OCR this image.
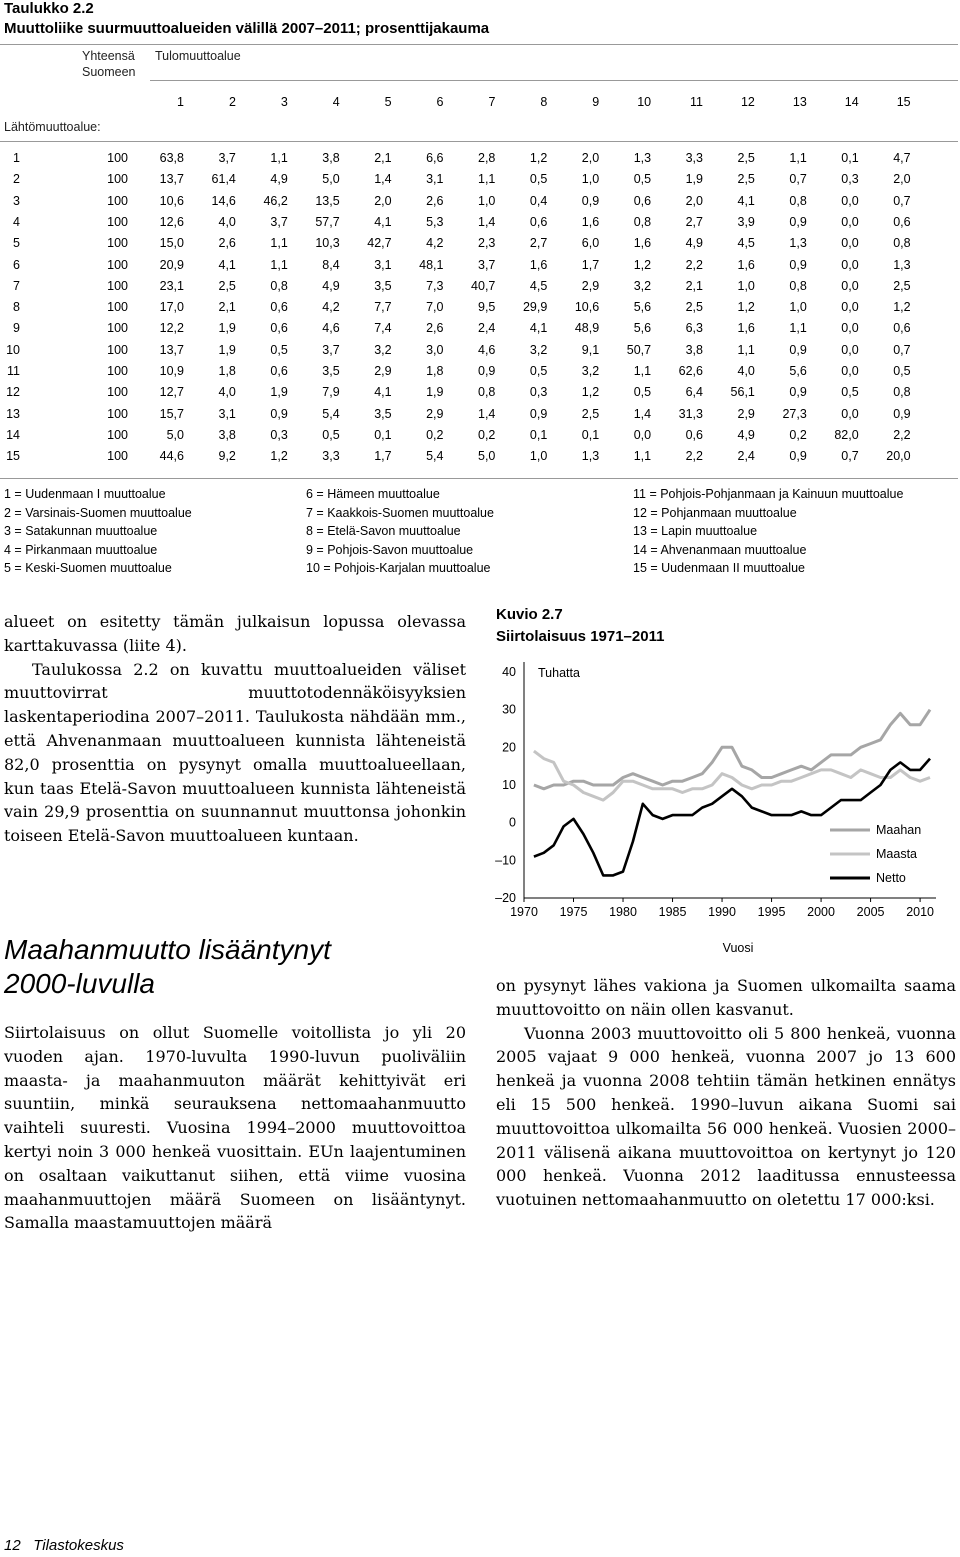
Taulukko 2.2
Muuttoliike suurmuuttoalueiden välillä 2007–2011; prosenttijakauma
Yhteensä
Suomeen
Tulomuuttoalue
1	2	3	4	5	6	7	8	9	10	11	12	13	14	15
Lähtömuuttoalue:
1	100	63,8	3,7	1,1	3,8	2,1	6,6	2,8	1,2	2,0	1,3	3,3	2,5	1,1	0,1	4,7
2	100	13,7	61,4	4,9	5,0	1,4	3,1	1,1	0,5	1,0	0,5	1,9	2,5	0,7	0,3	2,0
3	100	10,6	14,6	46,2	13,5	2,0	2,6	1,0	0,4	0,9	0,6	2,0	4,1	0,8	0,0	0,7
4	100	12,6	4,0	3,7	57,7	4,1	5,3	1,4	0,6	1,6	0,8	2,7	3,9	0,9	0,0	0,6
5	100	15,0	2,6	1,1	10,3	42,7	4,2	2,3	2,7	6,0	1,6	4,9	4,5	1,3	0,0	0,8
6	100	20,9	4,1	1,1	8,4	3,1	48,1	3,7	1,6	1,7	1,2	2,2	1,6	0,9	0,0	1,3
7	100	23,1	2,5	0,8	4,9	3,5	7,3	40,7	4,5	2,9	3,2	2,1	1,0	0,8	0,0	2,5
8	100	17,0	2,1	0,6	4,2	7,7	7,0	9,5	29,9	10,6	5,6	2,5	1,2	1,0	0,0	1,2
9	100	12,2	1,9	0,6	4,6	7,4	2,6	2,4	4,1	48,9	5,6	6,3	1,6	1,1	0,0	0,6
10	100	13,7	1,9	0,5	3,7	3,2	3,0	4,6	3,2	9,1	50,7	3,8	1,1	0,9	0,0	0,7
11	100	10,9	1,8	0,6	3,5	2,9	1,8	0,9	0,5	3,2	1,1	62,6	4,0	5,6	0,0	0,5
12	100	12,7	4,0	1,9	7,9	4,1	1,9	0,8	0,3	1,2	0,5	6,4	56,1	0,9	0,5	0,8
13	100	15,7	3,1	0,9	5,4	3,5	2,9	1,4	0,9	2,5	1,4	31,3	2,9	27,3	0,0	0,9
14	100	5,0	3,8	0,3	0,5	0,1	0,2	0,2	0,1	0,1	0,0	0,6	4,9	0,2	82,0	2,2
15	100	44,6	9,2	1,2	3,3	1,7	5,4	5,0	1,0	1,3	1,1	2,2	2,4	0,9	0,7	20,0
1 = Uudenmaan I muuttoalue
2 = Varsinais-Suomen muuttoalue
3 = Satakunnan muuttoalue
4 = Pirkanmaan muuttoalue
5 = Keski-Suomen muuttoalue
6 = Hämeen muuttoalue
7 = Kaakkois-Suomen muuttoalue
8 = Etelä-Savon muuttoalue
9 = Pohjois-Savon muuttoalue
10 = Pohjois-Karjalan muuttoalue
11 = Pohjois-Pohjanmaan ja Kainuun muuttoalue
12 = Pohjanmaan muuttoalue
13 = Lapin muuttoalue
14 = Ahvenanmaan muuttoalue
15 = Uudenmaan II muuttoalue

alueet on esitetty tämän julkaisun lopussa olevassa karttakuvassa (liite 4).

Taulukossa 2.2 on kuvattu muuttoalueiden väliset muuttovirrat muuttotodennäköisyyksien laskentaperiodina 2007–2011. Taulukosta nähdään mm., että Ahvenanmaan muuttoalueen kunnista lähteneistä 82,0 prosenttia on pysynyt omalla muuttoalueellaan, kun taas Etelä-Savon muuttoalueen kunnista lähteneistä vain 29,9 prosenttia on suunnannut muuttonsa johonkin toiseen Etelä-Savon muuttoalueen kuntaan.

Maahanmuutto lisääntynyt
2000-luvulla

Siirtolaisuus on ollut Suomelle voitollista jo yli 20 vuoden ajan. 1970-luvulta 1990-luvun puoliväliin maasta- ja maahanmuuton määrät kehittyivät eri suuntiin, minkä seurauksena nettomaahanmuutto vaihteli suuresti. Vuosina 1994–2000 muuttovoittoa kertyi noin 3 000 henkeä vuosittain. EUn laajentuminen on osaltaan vaikuttanut siihen, että viime vuosina maahanmuuttojen määrä Suomeen on lisääntynyt. Samalla maastamuuttojen määrä

Kuvio 2.7
Siirtolaisuus 1971–2011
–20
–10
0
10
20
30
40
1970 1975 1980 1985 1990 1995 2000 2005 2010
Tuhatta
Vuosi
Maahan
Maasta
Netto

on pysynyt lähes vakiona ja Suomen ulkomailta saama muuttovoitto on näin ollen kasvanut.

Vuonna 2003 muuttovoitto oli 5 800 henkeä, vuonna 2005 vajaat 9 000 henkeä, vuonna 2007 jo 13 600 henkeä ja vuonna 2008 tehtiin tämän hetkinen ennätys eli 15 500 henkeä. 1990–luvun aikana Suomi sai muuttovoittoa ulkomailta 56 000 henkeä. Vuosien 2000–2011 välisenä aikana muuttovoittoa on kertynyt jo 120 000 henkeä. Vuonna 2012 laaditussa ennusteessa vuotuinen nettomaahanmuutto on oletettu 17 000:ksi.

12 Tilastokeskus
